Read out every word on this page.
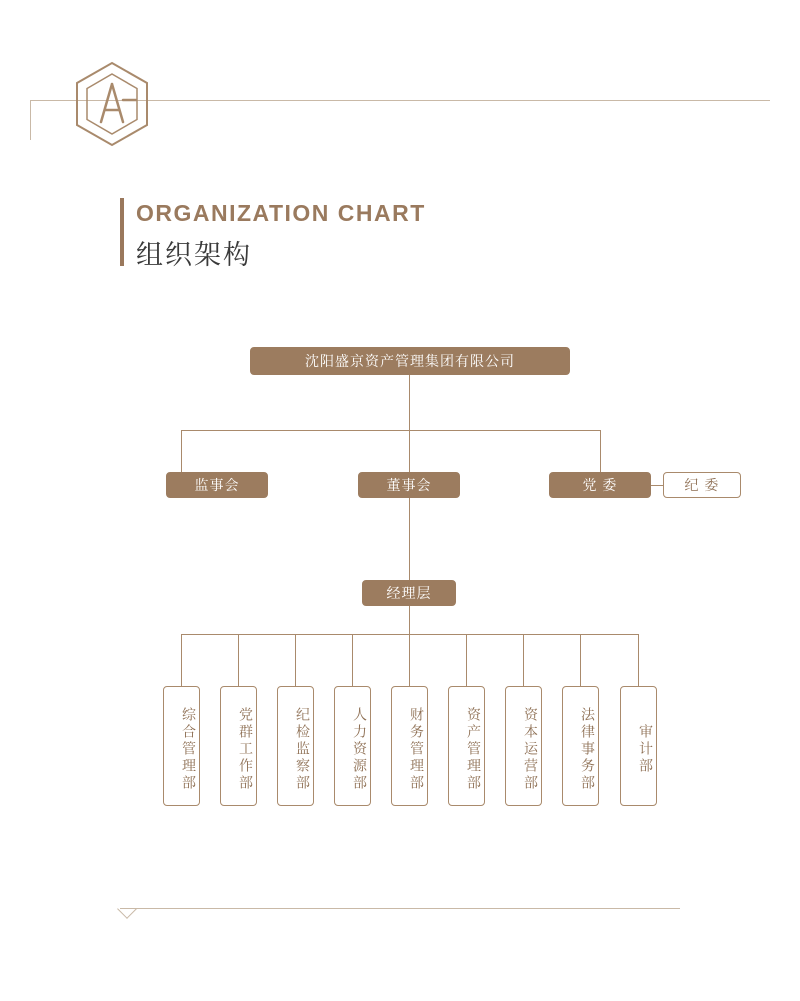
ORGANIZATION CHART
组织架构
沈阳盛京资产管理集团有限公司
监事会	董事会	党 委	纪 委
经理层
综合管理部	党群工作部	纪检监察部	人力资源部	财务管理部	资产管理部	资本运营部	法律事务部	审计部
